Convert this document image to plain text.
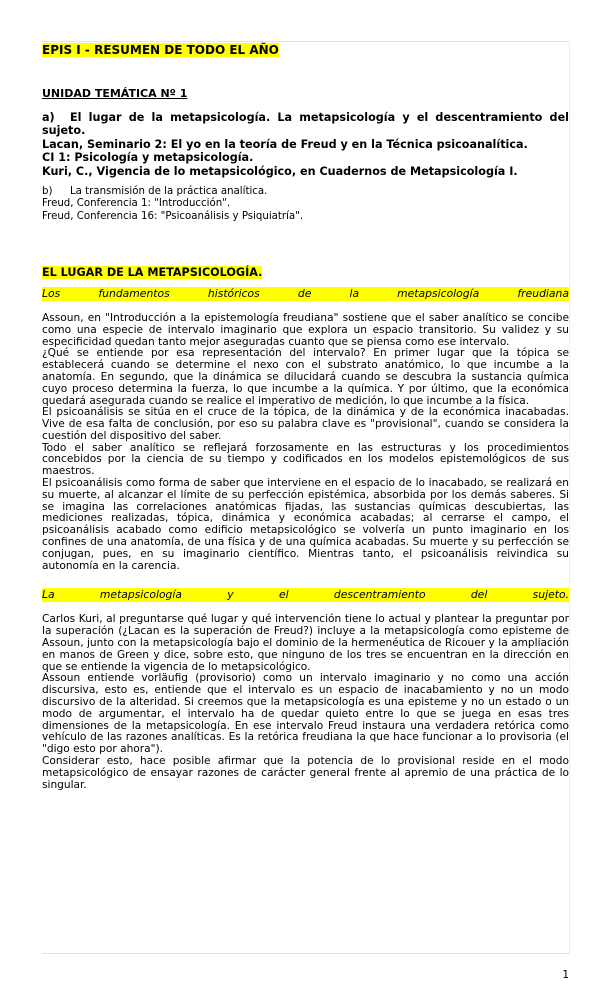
EPIS I - RESUMEN DE TODO EL AÑO
UNIDAD TEMÁTICA Nº 1
a) El lugar de la metapsicología. La metapsicología y el descentramiento del sujeto.
Lacan, Seminario 2: El yo en la teoría de Freud y en la Técnica psicoanalítica.
CI 1: Psicología y metapsicología.
Kuri, C., Vigencia de lo metapsicológico, en Cuadernos de Metapsicología I.
b) La transmisión de la práctica analítica.
Freud, Conferencia 1: "Introducción".
Freud, Conferencia 16: "Psicoanálisis y Psiquiatría".
EL LUGAR DE LA METAPSICOLOGÍA.
Los fundamentos históricos de la metapsicología freudiana

Assoun, en "Introducción a la epistemología freudiana" sostiene que el saber analítico se concibe como una especie de intervalo imaginario que explora un espacio transitorio. Su validez y su especificidad quedan tanto mejor aseguradas cuanto que se piensa como ese intervalo.

¿Qué se entiende por esa representación del intervalo? En primer lugar que la tópica se establecerá cuando se determine el nexo con el substrato anatómico, lo que incumbe a la anatomía. En segundo, que la dinámica se dilucidará cuando se descubra la sustancia química cuyo proceso determina la fuerza, lo que incumbe a la química. Y por último, que la económica quedará asegurada cuando se realice el imperativo de medición, lo que incumbe a la física.

El psicoanálisis se sitúa en el cruce de la tópica, de la dinámica y de la económica inacabadas. Vive de esa falta de conclusión, por eso su palabra clave es "provisional", cuando se considera la cuestión del dispositivo del saber.

Todo el saber analítico se reflejará forzosamente en las estructuras y los procedimientos concebidos por la ciencia de su tiempo y codificados en los modelos epistemológicos de sus maestros.

El psicoanálisis como forma de saber que interviene en el espacio de lo inacabado, se realizará en su muerte, al alcanzar el límite de su perfección epistémica, absorbida por los demás saberes. Si se imagina las correlaciones anatómicas fijadas, las sustancias químicas descubiertas, las mediciones realizadas, tópica, dinámica y económica acabadas; al cerrarse el campo, el psicoanálisis acabado como edificio metapsicológico se volvería un punto imaginario en los confines de una anatomía, de una física y de una química acabadas. Su muerte y su perfección se conjugan, pues, en su imaginario científico. Mientras tanto, el psicoanálisis reivindica su autonomía en la carencia.

La metapsicología y el descentramiento del sujeto.

Carlos Kuri, al preguntarse qué lugar y qué intervención tiene lo actual y plantear la preguntar por la superación (¿Lacan es la superación de Freud?) incluye a la metapsicología como episteme de Assoun, junto con la metapsicología bajo el dominio de la hermenéutica de Ricouer y la ampliación en manos de Green y dice, sobre esto, que ninguno de los tres se encuentran en la dirección en que se entiende la vigencia de lo metapsicológico.

Assoun entiende vorläufig (provisorio) como un intervalo imaginario y no como una acción discursiva, esto es, entiende que el intervalo es un espacio de inacabamiento y no un modo discursivo de la alteridad. Si creemos que la metapsicología es una episteme y no un estado o un modo de argumentar, el intervalo ha de quedar quieto entre lo que se juega en esas tres dimensiones de la metapsicología. En ese intervalo Freud instaura una verdadera retórica como vehículo de las razones analíticas. Es la retórica freudiana la que hace funcionar a lo provisoria (el "digo esto por ahora").

Considerar esto, hace posible afirmar que la potencia de lo provisional reside en el modo metapsicológico de ensayar razones de carácter general frente al apremio de una práctica de lo singular.

1
